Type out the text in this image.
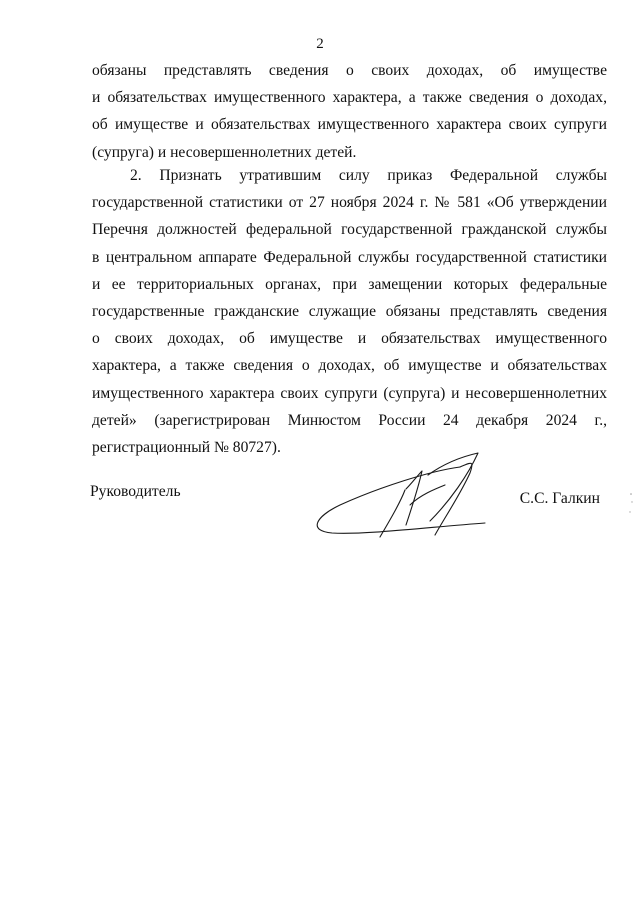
2
обязаны представлять сведения о своих доходах, об имуществе
и обязательствах имущественного характера, а также сведения о доходах,
об имуществе и обязательствах имущественного характера своих супруги
(супруга) и несовершеннолетних детей.
2. Признать утратившим силу приказ Федеральной службы
государственной статистики от 27 ноября 2024 г. № 581 «Об утверждении
Перечня должностей федеральной государственной гражданской службы
в центральном аппарате Федеральной службы государственной статистики
и ее территориальных органах, при замещении которых федеральные
государственные гражданские служащие обязаны представлять сведения
о своих доходах, об имуществе и обязательствах имущественного
характера, а также сведения о доходах, об имуществе и обязательствах
имущественного характера своих супруги (супруга) и несовершеннолетних
детей» (зарегистрирован Минюстом России 24 декабря 2024 г.,
регистрационный № 80727).
Руководитель	С.С. Галкин
